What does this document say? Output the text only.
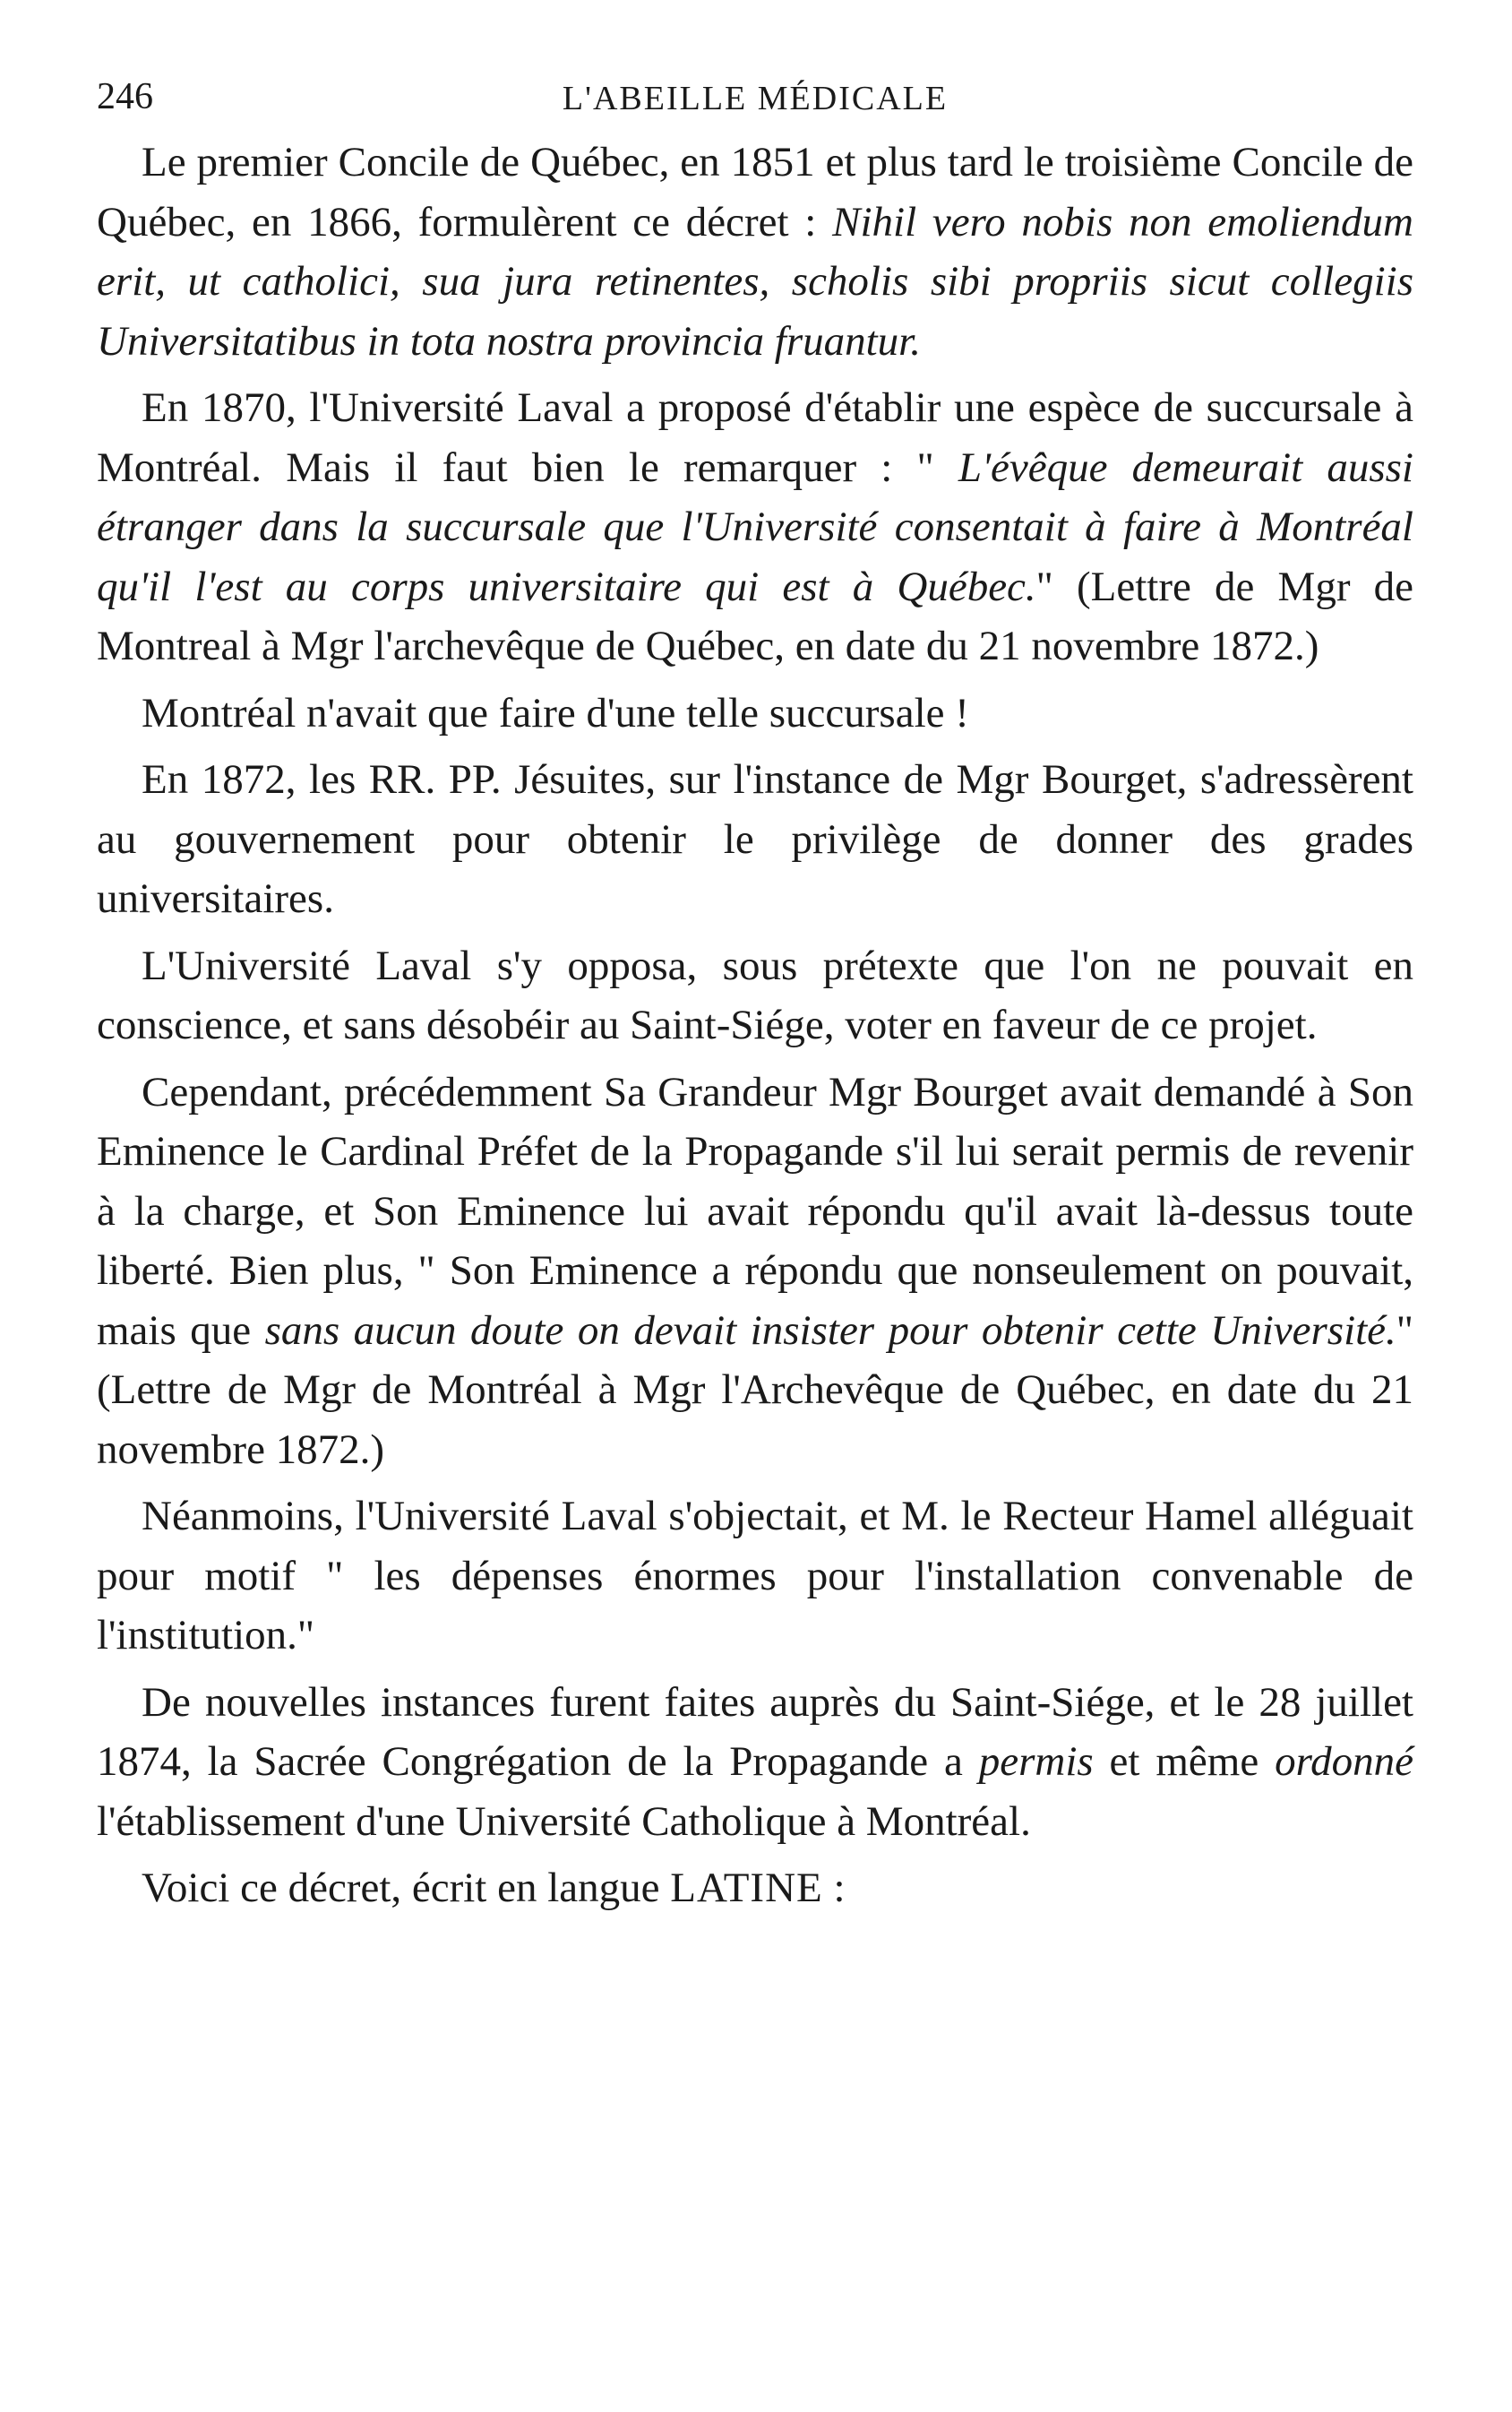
246	L'ABEILLE MÉDICALE

Le premier Concile de Québec, en 1851 et plus tard le troisième Concile de Québec, en 1866, formulèrent ce décret : Nihil vero nobis non emoliendum erit, ut catholici, sua jura retinentes, scholis sibi propriis sicut collegiis Universitatibus in tota nostra provincia fruantur.

En 1870, l'Université Laval a proposé d'établir une espèce de succursale à Montréal. Mais il faut bien le remarquer : " L'évêque demeurait aussi étranger dans la succursale que l'Université consentait à faire à Montréal qu'il l'est au corps universitaire qui est à Québec." (Lettre de Mgr de Montreal à Mgr l'archevêque de Québec, en date du 21 novembre 1872.)

Montréal n'avait que faire d'une telle succursale !

En 1872, les RR. PP. Jésuites, sur l'instance de Mgr Bourget, s'adressèrent au gouvernement pour obtenir le privilège de donner des grades universitaires.

L'Université Laval s'y opposa, sous prétexte que l'on ne pouvait en conscience, et sans désobéir au Saint-Siége, voter en faveur de ce projet.

Cependant, précédemment Sa Grandeur Mgr Bourget avait demandé à Son Eminence le Cardinal Préfet de la Propagande s'il lui serait permis de revenir à la charge, et Son Eminence lui avait répondu qu'il avait là-dessus toute liberté. Bien plus, " Son Eminence a répondu que nonseulement on pouvait, mais que sans aucun doute on devait insister pour obtenir cette Université." (Lettre de Mgr de Montréal à Mgr l'Archevêque de Québec, en date du 21 novembre 1872.)

Néanmoins, l'Université Laval s'objectait, et M. le Recteur Hamel alléguait pour motif " les dépenses énormes pour l'installation convenable de l'institution."

De nouvelles instances furent faites auprès du Saint-Siége, et le 28 juillet 1874, la Sacrée Congrégation de la Propagande a permis et même ordonné l'établissement d'une Université Catholique à Montréal.

Voici ce décret, écrit en langue LATINE :
